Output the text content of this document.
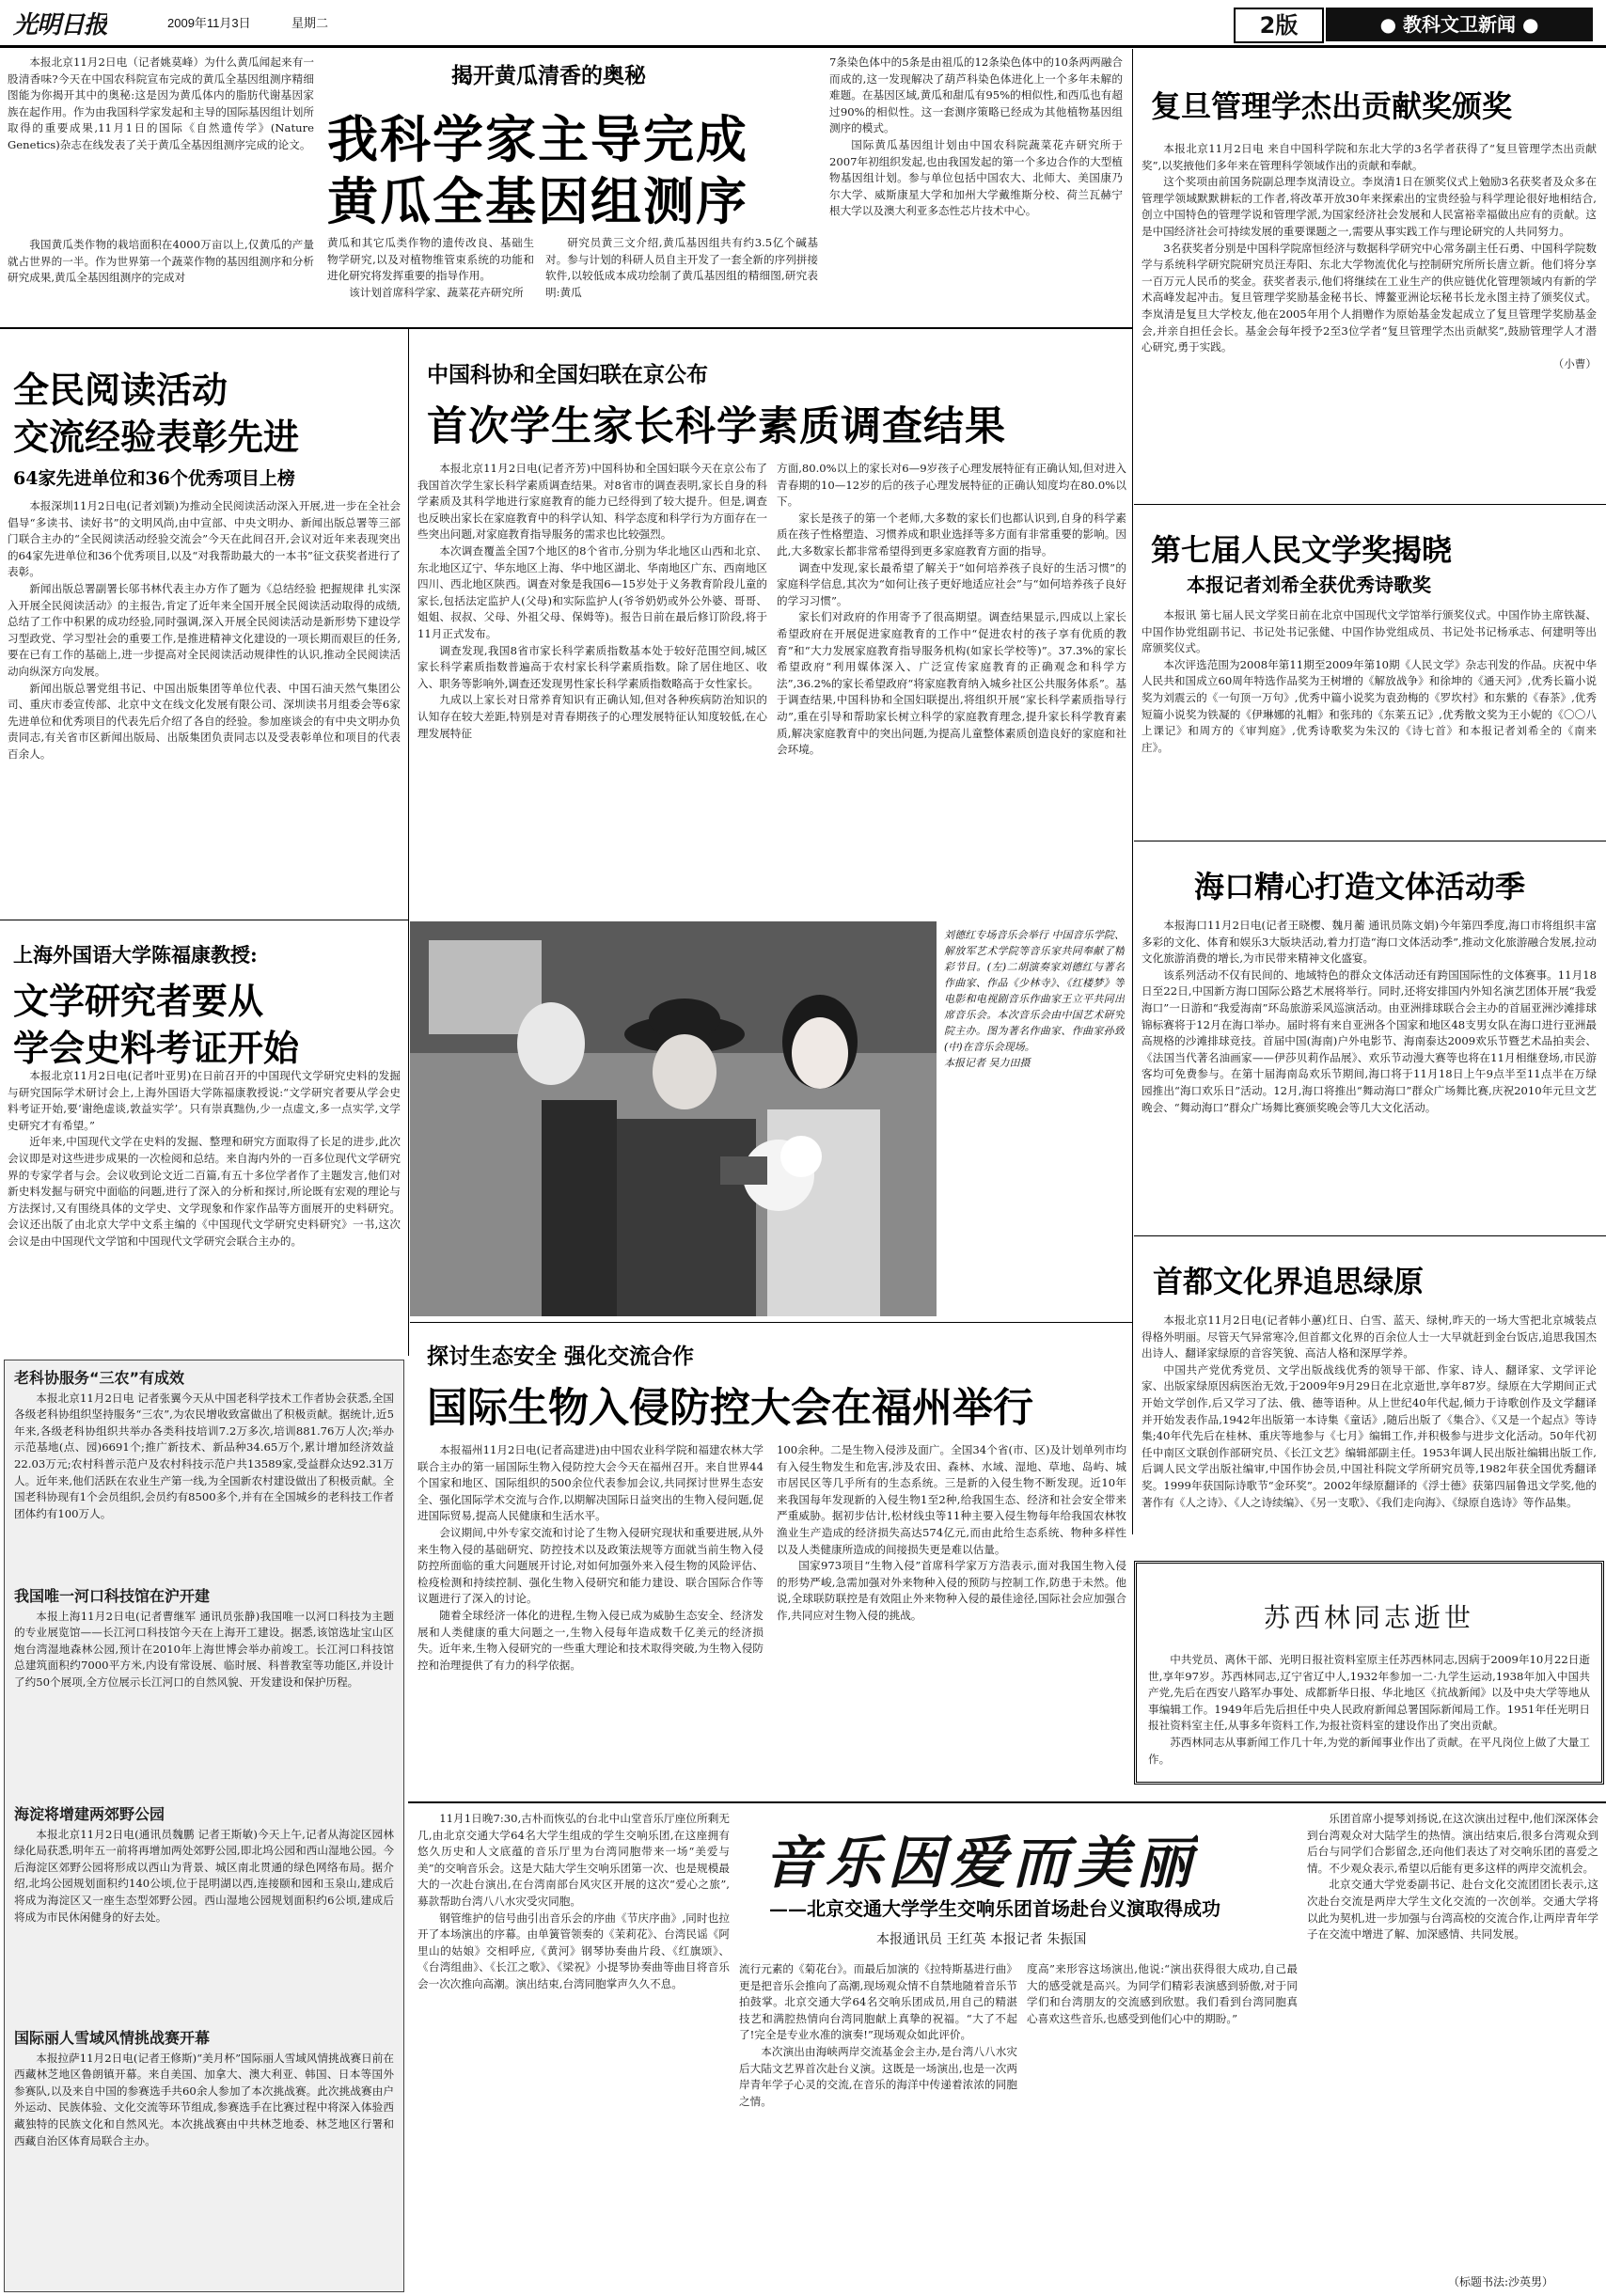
光明日报	2009年11月3日	星期二	2版	● 教科文卫新闻 ●

本报北京11月2日电（记者姚莫峰）为什么黄瓜闻起来有一股清香味?今天在中国农科院宣布完成的黄瓜全基因组测序精细图能为你揭开其中的奥秘:这是因为黄瓜体内的脂肪代谢基因家族在起作用。作为由我国科学家发起和主导的国际基因组计划所取得的重要成果,11月1日的国际《自然遗传学》(Nature Genetics)杂志在线发表了关于黄瓜全基因组测序完成的论文。

揭开黄瓜清香的奥秘
我科学家主导完成
黄瓜全基因组测序

我国黄瓜类作物的栽培面积在4000万亩以上,仅黄瓜的产量就占世界的一半。作为世界第一个蔬菜作物的基因组测序和分析研究成果,黄瓜全基因组测序的完成对

黄瓜和其它瓜类作物的遗传改良、基础生物学研究,以及对植物维管束系统的功能和进化研究将发挥重要的指导作用。

该计划首席科学家、蔬菜花卉研究所

研究员黄三文介绍,黄瓜基因组共有约3.5亿个碱基对。参与计划的科研人员自主开发了一套全新的序列拼接软件,以较低成本成功绘制了黄瓜基因组的精细图,研究表明:黄瓜

7条染色体中的5条是由祖瓜的12条染色体中的10条两两融合而成的,这一发现解决了葫芦科染色体进化上一个多年未解的难题。在基因区域,黄瓜和甜瓜有95%的相似性,和西瓜也有超过90%的相似性。这一套测序策略已经成为其他植物基因组测序的模式。

国际黄瓜基因组计划由中国农科院蔬菜花卉研究所于2007年初组织发起,也由我国发起的第一个多边合作的大型植物基因组计划。参与单位包括中国农大、北师大、美国康乃尔大学、威斯康星大学和加州大学戴维斯分校、荷兰瓦赫宁根大学以及澳大利亚多态性芯片技术中心。

复旦管理学杰出贡献奖颁奖

本报北京11月2日电 来自中国科学院和东北大学的3名学者获得了“复旦管理学杰出贡献奖”,以奖掖他们多年来在管理科学领域作出的贡献和奉献。

这个奖项由前国务院副总理李岚清设立。李岚清1日在颁奖仪式上勉励3名获奖者及众多在管理学领域默默耕耘的工作者,将改革开放30年来探索出的宝贵经验与科学理论很好地相结合,创立中国特色的管理学说和管理学派,为国家经济社会发展和人民富裕幸福做出应有的贡献。这是中国经济社会可持续发展的重要课题之一,需要从事实践工作与理论研究的人共同努力。

3名获奖者分别是中国科学院席恒经济与数据科学研究中心常务副主任石勇、中国科学院数学与系统科学研究院研究员汪寿阳、东北大学物流优化与控制研究所所长唐立新。他们将分享一百万元人民币的奖金。获奖者表示,他们将继续在工业生产的供应链优化管理领域内有新的学术高峰发起冲击。复旦管理学奖励基金秘书长、博鳌亚洲论坛秘书长龙永图主持了颁奖仪式。李岚清是复旦大学校友,他在2005年用个人捐赠作为原始基金发起成立了复旦管理学奖励基金会,并亲自担任会长。基金会每年授予2至3位学者“复旦管理学杰出贡献奖”,鼓励管理学人才潜心研究,勇于实践。

（小曹）
第七届人民文学奖揭晓
本报记者刘希全获优秀诗歌奖

本报讯 第七届人民文学奖日前在北京中国现代文学馆举行颁奖仪式。中国作协主席铁凝、中国作协党组副书记、书记处书记张健、中国作协党组成员、书记处书记杨承志、何建明等出席颁奖仪式。

本次评选范围为2008年第11期至2009年第10期《人民文学》杂志刊发的作品。庆祝中华人民共和国成立60周年特选作品奖为王树增的《解放战争》和徐坤的《通天河》,优秀长篇小说奖为刘震云的《一句顶一万句》,优秀中篇小说奖为袁劲梅的《罗坎村》和东紫的《春茶》,优秀短篇小说奖为铁凝的《伊琳娜的礼帽》和张玮的《东莱五记》,优秀散文奖为王小妮的《〇〇八上课记》和周方的《审判庭》,优秀诗歌奖为朱汉的《诗七首》和本报记者刘希全的《南来庄》。

海口精心打造文体活动季

本报海口11月2日电(记者王晓樱、魏月蘅 通讯员陈文娟)今年第四季度,海口市将组织丰富多彩的文化、体育和娱乐3大版块活动,着力打造“海口文体活动季”,推动文化旅游融合发展,拉动文化旅游消费的增长,为市民带来精神文化盛宴。

该系列活动不仅有民间的、地域特色的群众文体活动还有跨国国际性的文体赛事。11月18日至22日,中国新方海口国际公路艺术展将举行。同时,还将安排国内外知名演艺团体开展“我爱海口”一日游和“我爱海南”环岛旅游采风巡演活动。由亚洲排球联合会主办的首届亚洲沙滩排球锦标赛将于12月在海口举办。届时将有来自亚洲各个国家和地区48支男女队在海口进行亚洲最高规格的沙滩排球竞技。首届中国(海南)户外电影节、海南泰达2009欢乐节暨艺术品拍卖会、《法国当代著名油画家——伊莎贝莉作品展》、欢乐节动漫大赛等也将在11月相继登场,市民游客均可免费参与。在第十届海南岛欢乐节期间,海口将于11月18日上午9点半至11点半在万绿园推出“海口欢乐日”活动。12月,海口将推出“舞动海口”群众广场舞比赛,庆祝2010年元旦文艺晚会、“舞动海口”群众广场舞比赛颁奖晚会等几大文化活动。

首都文化界追思绿原

本报北京11月2日电(记者韩小蕙)红日、白雪、蓝天、绿树,昨天的一场大雪把北京城装点得格外明丽。尽管天气异常寒冷,但首都文化界的百余位人士一大早就赶到金台饭店,追思我国杰出诗人、翻译家绿原的音容笑貌、高洁人格和深厚学养。

中国共产党优秀党员、文学出版战线优秀的领导干部、作家、诗人、翻译家、文学评论家、出版家绿原因病医治无效,于2009年9月29日在北京逝世,享年87岁。绿原在大学期间正式开始文学创作,后又学习了法、俄、德等语种。从上世纪40年代起,倾力于诗歌创作及文学翻译并开始发表作品,1942年出版第一本诗集《童话》,随后出版了《集合》、《又是一个起点》等诗集;40年代先后在桂林、重庆等地参与《七月》编辑工作,并积极参与进步文化活动。50年代初任中南区文联创作部研究员、《长江文艺》编辑部副主任。1953年调人民出版社编辑出版工作,后调人民文学出版社编审,中国作协会员,中国社科院文学所研究员等,1982年获全国优秀翻译奖。1999年获国际诗歌节“金环奖”。2002年绿原翻译的《浮士德》获第四届鲁迅文学奖,他的著作有《人之诗》、《人之诗续编》、《另一支歌》、《我们走向海》、《绿原自选诗》等作品集。

苏西林同志逝世

中共党员、离休干部、光明日报社资料室原主任苏西林同志,因病于2009年10月22日逝世,享年97岁。苏西林同志,辽宁省辽中人,1932年参加一二·九学生运动,1938年加入中国共产党,先后在西安八路军办事处、成都新华日报、华北地区《抗战新闻》以及中央大学等地从事编辑工作。1949年后先后担任中央人民政府新闻总署国际新闻局工作。1951年任光明日报社资料室主任,从事多年资料工作,为报社资料室的建设作出了突出贡献。

苏西林同志从事新闻工作几十年,为党的新闻事业作出了贡献。在平凡岗位上做了大量工作。

全民阅读活动
交流经验表彰先进
64家先进单位和36个优秀项目上榜

本报深圳11月2日电(记者刘颖)为推动全民阅读活动深入开展,进一步在全社会倡导“多读书、读好书”的文明风尚,由中宣部、中央文明办、新闻出版总署等三部门联合主办的“全民阅读活动经验交流会”今天在此间召开,会议对近年来表现突出的64家先进单位和36个优秀项目,以及“对我帮助最大的一本书”征文获奖者进行了表彰。

新闻出版总署副署长邬书林代表主办方作了题为《总结经验 把握规律 扎实深入开展全民阅读活动》的主报告,肯定了近年来全国开展全民阅读活动取得的成绩,总结了工作中积累的成功经验,同时强调,深入开展全民阅读活动是新形势下建设学习型政党、学习型社会的重要工作,是推进精神文化建设的一项长期而艰巨的任务,要在已有工作的基础上,进一步提高对全民阅读活动规律性的认识,推动全民阅读活动向纵深方向发展。

新闻出版总署党组书记、中国出版集团等单位代表、中国石油天然气集团公司、重庆市委宣传部、北京中文在线文化发展有限公司、深圳读书月组委会等6家先进单位和优秀项目的代表先后介绍了各自的经验。参加座谈会的有中央文明办负责同志,有关省市区新闻出版局、出版集团负责同志以及受表彰单位和项目的代表百余人。

上海外国语大学陈福康教授:
文学研究者要从
学会史料考证开始

本报北京11月2日电(记者叶亚男)在日前召开的中国现代文学研究史料的发掘与研究国际学术研讨会上,上海外国语大学陈福康教授说:“文学研究者要从学会史料考证开始,要‘谢绝虚谈,敦益实学’。只有崇真黜伪,少一点虚文,多一点实学,文学史研究才有希望。”

近年来,中国现代文学在史料的发掘、整理和研究方面取得了长足的进步,此次会议即是对这些进步成果的一次检阅和总结。来自海内外的一百多位现代文学研究界的专家学者与会。会议收到论文近二百篇,有五十多位学者作了主题发言,他们对新史料发掘与研究中面临的问题,进行了深入的分析和探讨,所论既有宏观的理论与方法探讨,又有围绕具体的文学史、文学现象和作家作品等方面展开的史料研究。会议还出版了由北京大学中文系主编的《中国现代文学研究史料研究》一书,这次会议是由中国现代文学馆和中国现代文学研究会联合主办的。

中国科协和全国妇联在京公布
首次学生家长科学素质调查结果

本报北京11月2日电(记者齐芳)中国科协和全国妇联今天在京公布了我国首次学生家长科学素质调查结果。对8省市的调查表明,家长自身的科学素质及其科学地进行家庭教育的能力已经得到了较大提升。但是,调查也反映出家长在家庭教育中的科学认知、科学态度和科学行为方面存在一些突出问题,对家庭教育指导服务的需求也比较强烈。

本次调查覆盖全国7个地区的8个省市,分别为华北地区山西和北京、东北地区辽宁、华东地区上海、华中地区湖北、华南地区广东、西南地区四川、西北地区陕西。调查对象是我国6—15岁处于义务教育阶段儿童的家长,包括法定监护人(父母)和实际监护人(爷爷奶奶或外公外婆、哥哥、姐姐、叔叔、父母、外祖父母、保姆等)。报告日前在最后修订阶段,将于11月正式发布。

调查发现,我国8省市家长科学素质指数基本处于较好范围空间,城区家长科学素质指数普遍高于农村家长科学素质指数。除了居住地区、收入、职务等影响外,调查还发现男性家长科学素质指数略高于女性家长。

九成以上家长对日常养育知识有正确认知,但对各种疾病防治知识的认知存在较大差距,特别是对青春期孩子的心理发展特征认知度较低,在心理发展特征

方面,80.0%以上的家长对6—9岁孩子心理发展特征有正确认知,但对进入青春期的10—12岁的后的孩子心理发展特征的正确认知度均在80.0%以下。

家长是孩子的第一个老师,大多数的家长们也都认识到,自身的科学素质在孩子性格塑造、习惯养成和职业选择等多方面有非常重要的影响。因此,大多数家长都非常希望得到更多家庭教育方面的指导。

调查中发现,家长最希望了解关于“如何培养孩子良好的生活习惯”的家庭科学信息,其次为“如何让孩子更好地适应社会”与“如何培养孩子良好的学习习惯”。

家长们对政府的作用寄予了很高期望。调查结果显示,四成以上家长希望政府在开展促进家庭教育的工作中“促进农村的孩子享有优质的教育”和“大力发展家庭教育指导服务机构(如家长学校等)”。37.3%的家长希望政府“利用媒体深入、广泛宣传家庭教育的正确观念和科学方法”,36.2%的家长希望政府“将家庭教育纳入城乡社区公共服务体系”。基于调查结果,中国科协和全国妇联提出,将组织开展“家长科学素质指导行动”,重在引导和帮助家长树立科学的家庭教育理念,提升家长科学教育素质,解决家庭教育中的突出问题,为提高儿童整体素质创造良好的家庭和社会环境。

刘德红专场音乐会举行 中国音乐学院、解放军艺术学院等音乐家共同奉献了精彩节目。(左)二胡演奏家刘德红与著名作曲家、作品《少林寺》、《红楼梦》等电影和电视剧音乐作曲家王立平共同出席音乐会。本次音乐会由中国艺术研究院主办。图为著名作曲家、作曲家孙致(中)在音乐会现场。
本报记者 吴力田摄
探讨生态安全 强化交流合作
国际生物入侵防控大会在福州举行

本报福州11月2日电(记者高建进)由中国农业科学院和福建农林大学联合主办的第一届国际生物入侵防控大会今天在福州召开。来自世界44个国家和地区、国际组织的500余位代表参加会议,共同探讨世界生态安全、强化国际学术交流与合作,以期解决国际日益突出的生物入侵问题,促进国际贸易,提高人民健康和生活水平。

会议期间,中外专家交流和讨论了生物入侵研究现状和重要进展,从外来生物入侵的基础研究、防控技术以及政策法规等方面就当前生物入侵防控所面临的重大问题展开讨论,对如何加强外来入侵生物的风险评估、检疫检测和持续控制、强化生物入侵研究和能力建设、联合国际合作等议题进行了深入的讨论。

随着全球经济一体化的进程,生物入侵已成为威胁生态安全、经济发展和人类健康的重大问题之一,生物入侵每年造成数千亿美元的经济损失。近年来,生物入侵研究的一些重大理论和技术取得突破,为生物入侵防控和治理提供了有力的科学依据。

100余种。二是生物入侵涉及面广。全国34个省(市、区)及计划单列市均有入侵生物发生和危害,涉及农田、森林、水域、湿地、草地、岛屿、城市居民区等几乎所有的生态系统。三是新的入侵生物不断发现。近10年来我国每年发现新的入侵生物1至2种,给我国生态、经济和社会安全带来严重威胁。据初步估计,松材线虫等11种主要入侵生物每年给我国农林牧渔业生产造成的经济损失高达574亿元,而由此给生态系统、物种多样性以及人类健康所造成的间接损失更是难以估量。

国家973项目“生物入侵”首席科学家万方浩表示,面对我国生物入侵的形势严峻,急需加强对外来物种入侵的预防与控制工作,防患于未然。他说,全球联防联控是有效阻止外来物种入侵的最佳途径,国际社会应加强合作,共同应对生物入侵的挑战。

老科协服务“三农”有成效

本报北京11月2日电 记者张翼今天从中国老科学技术工作者协会获悉,全国各级老科协组织坚持服务“三农”,为农民增收致富做出了积极贡献。据统计,近5年来,各级老科协组织共举办各类科技培训7.2万多次,培训881.76万人次;举办示范基地(点、园)6691个;推广新技术、新品种34.65万个,累计增加经济效益22.03万元;农村科普示范户及农村科技示范户共13589家,受益群众达92.31万人。近年来,他们活跃在农业生产第一线,为全国新农村建设做出了积极贡献。全国老科协现有1个会员组织,会员约有8500多个,并有在全国城乡的老科技工作者团体约有100万人。

我国唯一河口科技馆在沪开建

本报上海11月2日电(记者曹继军 通讯员张静)我国唯一以河口科技为主题的专业展览馆——长江河口科技馆今天在上海开工建设。据悉,该馆选址宝山区炮台湾湿地森林公园,预计在2010年上海世博会举办前竣工。长江河口科技馆总建筑面积约7000平方米,内设有常设展、临时展、科普教室等功能区,并设计了约50个展项,全方位展示长江河口的自然风貌、开发建设和保护历程。

海淀将增建两郊野公园

本报北京11月2日电(通讯员魏鹏 记者王斯敏)今天上午,记者从海淀区园林绿化局获悉,明年五一前将再增加两处郊野公园,即北坞公园和西山湿地公园。今后海淀区郊野公园将形成以西山为背景、城区南北贯通的绿色网络布局。据介绍,北坞公园规划面积约140公顷,位于昆明湖以西,连接颐和园和玉泉山,建成后将成为海淀区又一座生态型郊野公园。西山湿地公园规划面积约6公顷,建成后将成为市民休闲健身的好去处。

国际丽人雪域风情挑战赛开幕

本报拉萨11月2日电(记者王修斯)“美月杯”国际丽人雪域风情挑战赛日前在西藏林芝地区鲁朗镇开幕。来自美国、加拿大、澳大利亚、韩国、日本等国外参赛队,以及来自中国的参赛选手共60余人参加了本次挑战赛。此次挑战赛由户外运动、民族体验、文化交流等环节组成,参赛选手在比赛过程中将深入体验西藏独特的民族文化和自然风光。本次挑战赛由中共林芝地委、林芝地区行署和西藏自治区体育局联合主办。

11月1日晚7:30,古朴而恢弘的台北中山堂音乐厅座位所剩无几,由北京交通大学64名大学生组成的学生交响乐团,在这座拥有悠久历史和人文底蕴的音乐厅里为台湾同胞带来一场“美爱与美”的交响音乐会。这是大陆大学生交响乐团第一次、也是规模最大的一次赴台演出,在台湾南部台风灾区开展的这次“爱心之旅”,募款帮助台湾八八水灾受灾同胞。

钢管维护的信号曲引出音乐会的序曲《节庆序曲》,同时也拉开了本场演出的序幕。由单簧管领奏的《茉莉花》、台湾民谣《阿里山的姑娘》交相呼应,《黄河》钢琴协奏曲片段、《红旗颂》、《台湾组曲》、《长江之歌》、《梁祝》小提琴协奏曲等曲目将音乐会一次次推向高潮。演出结束,台湾同胞掌声久久不息。

音乐因爱而美丽
——北京交通大学学生交响乐团首场赴台义演取得成功
本报通讯员 王红英 本报记者 朱振国

流行元素的《菊花台》。而最后加演的《拉特斯基进行曲》更是把音乐会推向了高潮,现场观众情不自禁地随着音乐节拍鼓掌。北京交通大学64名交响乐团成员,用自己的精湛技艺和满腔热情向台湾同胞献上真挚的祝福。“大了不起了!完全是专业水准的演奏!”现场观众如此评价。

本次演出由海峡两岸交流基金会主办,是台湾八八水灾后大陆文艺界首次赴台义演。这既是一场演出,也是一次两岸青年学子心灵的交流,在音乐的海洋中传递着浓浓的同胞之情。

度高”来形容这场演出,他说:“演出获得很大成功,自己最大的感受就是高兴。为同学们精彩表演感到骄傲,对于同学们和台湾朋友的交流感到欣慰。我们看到台湾同胞真心喜欢这些音乐,也感受到他们心中的期盼。”

乐团首席小提琴刘扬说,在这次演出过程中,他们深深体会到台湾观众对大陆学生的热情。演出结束后,很多台湾观众到后台与同学们合影留念,还向他们表达了对交响乐团的喜爱之情。不少观众表示,希望以后能有更多这样的两岸交流机会。

北京交通大学党委副书记、赴台文化交流团团长表示,这次赴台交流是两岸大学生文化交流的一次创举。交通大学将以此为契机,进一步加强与台湾高校的交流合作,让两岸青年学子在交流中增进了解、加深感情、共同发展。

（标题书法:沙英男）
